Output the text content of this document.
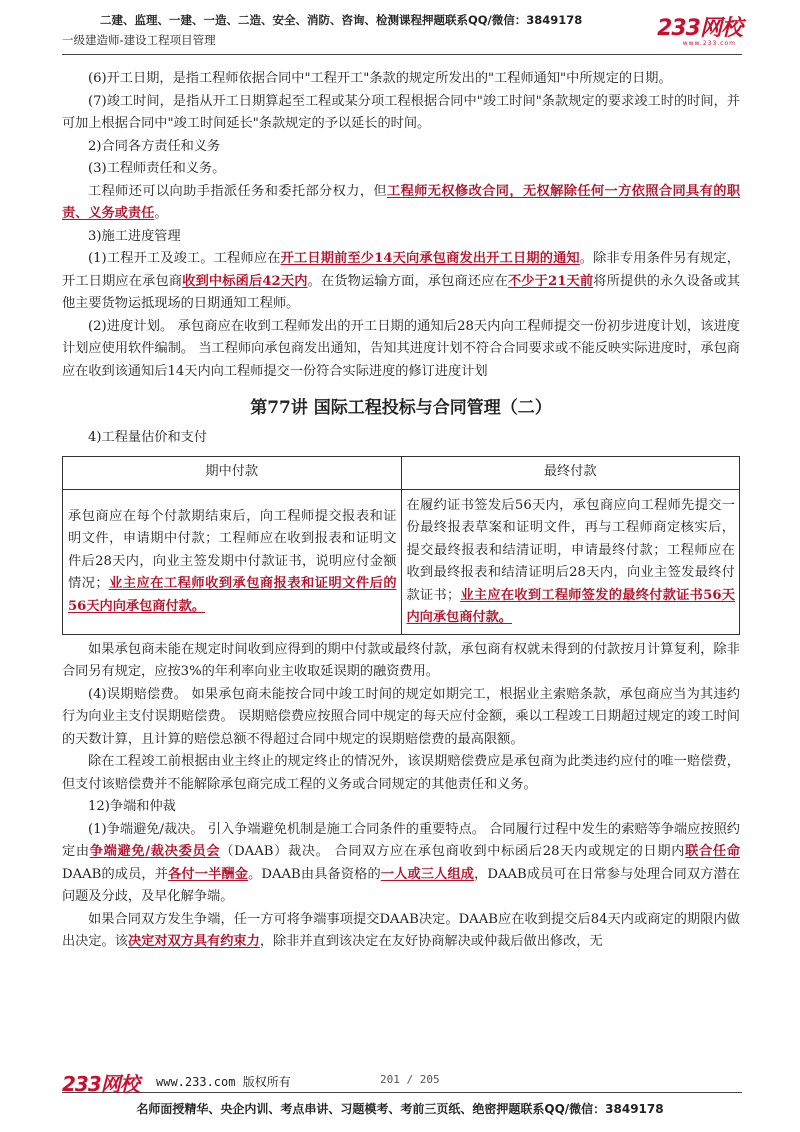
二建、监理、一建、一造、二造、安全、消防、咨询、检测课程押题联系QQ/微信：3849178
一级建造师-建设工程项目管理	233网校
www.233.com

(6)开工日期，是指工程师依据合同中"工程开工"条款的规定所发出的"工程师通知"中所规定的日期。

(7)竣工时间，是指从开工日期算起至工程或某分项工程根据合同中"竣工时间"条款规定的要求竣工时的时间，并可加上根据合同中"竣工时间延长"条款规定的予以延长的时间。

2)合同各方责任和义务

(3)工程师责任和义务。

工程师还可以向助手指派任务和委托部分权力，但工程师无权修改合同，无权解除任何一方依照合同具有的职责、义务或责任。

3)施工进度管理

(1)工程开工及竣工。工程师应在开工日期前至少14天向承包商发出开工日期的通知。除非专用条件另有规定，开工日期应在承包商收到中标函后42天内。在货物运输方面，承包商还应在不少于21天前将所提供的永久设备或其他主要货物运抵现场的日期通知工程师。

(2)进度计划。 承包商应在收到工程师发出的开工日期的通知后28天内向工程师提交一份初步进度计划，该进度计划应使用软件编制。 当工程师向承包商发出通知，告知其进度计划不符合合同要求或不能反映实际进度时，承包商应在收到该通知后14天内向工程师提交一份符合实际进度的修订进度计划

第77讲 国际工程投标与合同管理（二）

4)工程量估价和支付

期中付款	最终付款
承包商应在每个付款期结束后，向工程师提交报表和证明文件，申请期中付款；工程师应在收到报表和证明文件后28天内，向业主签发期中付款证书，说明应付金额情况；业主应在工程师收到承包商报表和证明文件后的56天内向承包商付款。	在履约证书签发后56天内，承包商应向工程师先提交一份最终报表草案和证明文件，再与工程师商定核实后，提交最终报表和结清证明，申请最终付款；工程师应在收到最终报表和结清证明后28天内，向业主签发最终付款证书；业主应在收到工程师签发的最终付款证书56天内向承包商付款。

如果承包商未能在规定时间收到应得到的期中付款或最终付款，承包商有权就未得到的付款按月计算复利，除非合同另有规定，应按3%的年利率向业主收取延误期的融资费用。

(4)误期赔偿费。 如果承包商未能按合同中竣工时间的规定如期完工，根据业主索赔条款，承包商应当为其违约行为向业主支付误期赔偿费。 误期赔偿费应按照合同中规定的每天应付金额，乘以工程竣工日期超过规定的竣工时间的天数计算，且计算的赔偿总额不得超过合同中规定的误期赔偿费的最高限额。

除在工程竣工前根据由业主终止的规定终止的情况外，该误期赔偿费应是承包商为此类违约应付的唯一赔偿费，但支付该赔偿费并不能解除承包商完成工程的义务或合同规定的其他责任和义务。

12)争端和仲裁

(1)争端避免/裁决。 引入争端避免机制是施工合同条件的重要特点。 合同履行过程中发生的索赔等争端应按照约定由争端避免/裁决委员会（DAAB）裁决。 合同双方应在承包商收到中标函后28天内或规定的日期内联合任命DAAB的成员，并各付一半酬金。DAAB由具备资格的一人或三人组成，DAAB成员可在日常参与处理合同双方潜在问题及分歧，及早化解争端。

如果合同双方发生争端，任一方可将争端事项提交DAAB决定。DAAB应在收到提交后84天内或商定的期限内做出决定。该决定对双方具有约束力，除非并直到该决定在友好协商解决或仲裁后做出修改，无

233网校 www.233.com 版权所有	201 / 205
名师面授精华、央企内训、考点串讲、习题模考、考前三页纸、绝密押题联系QQ/微信：3849178
